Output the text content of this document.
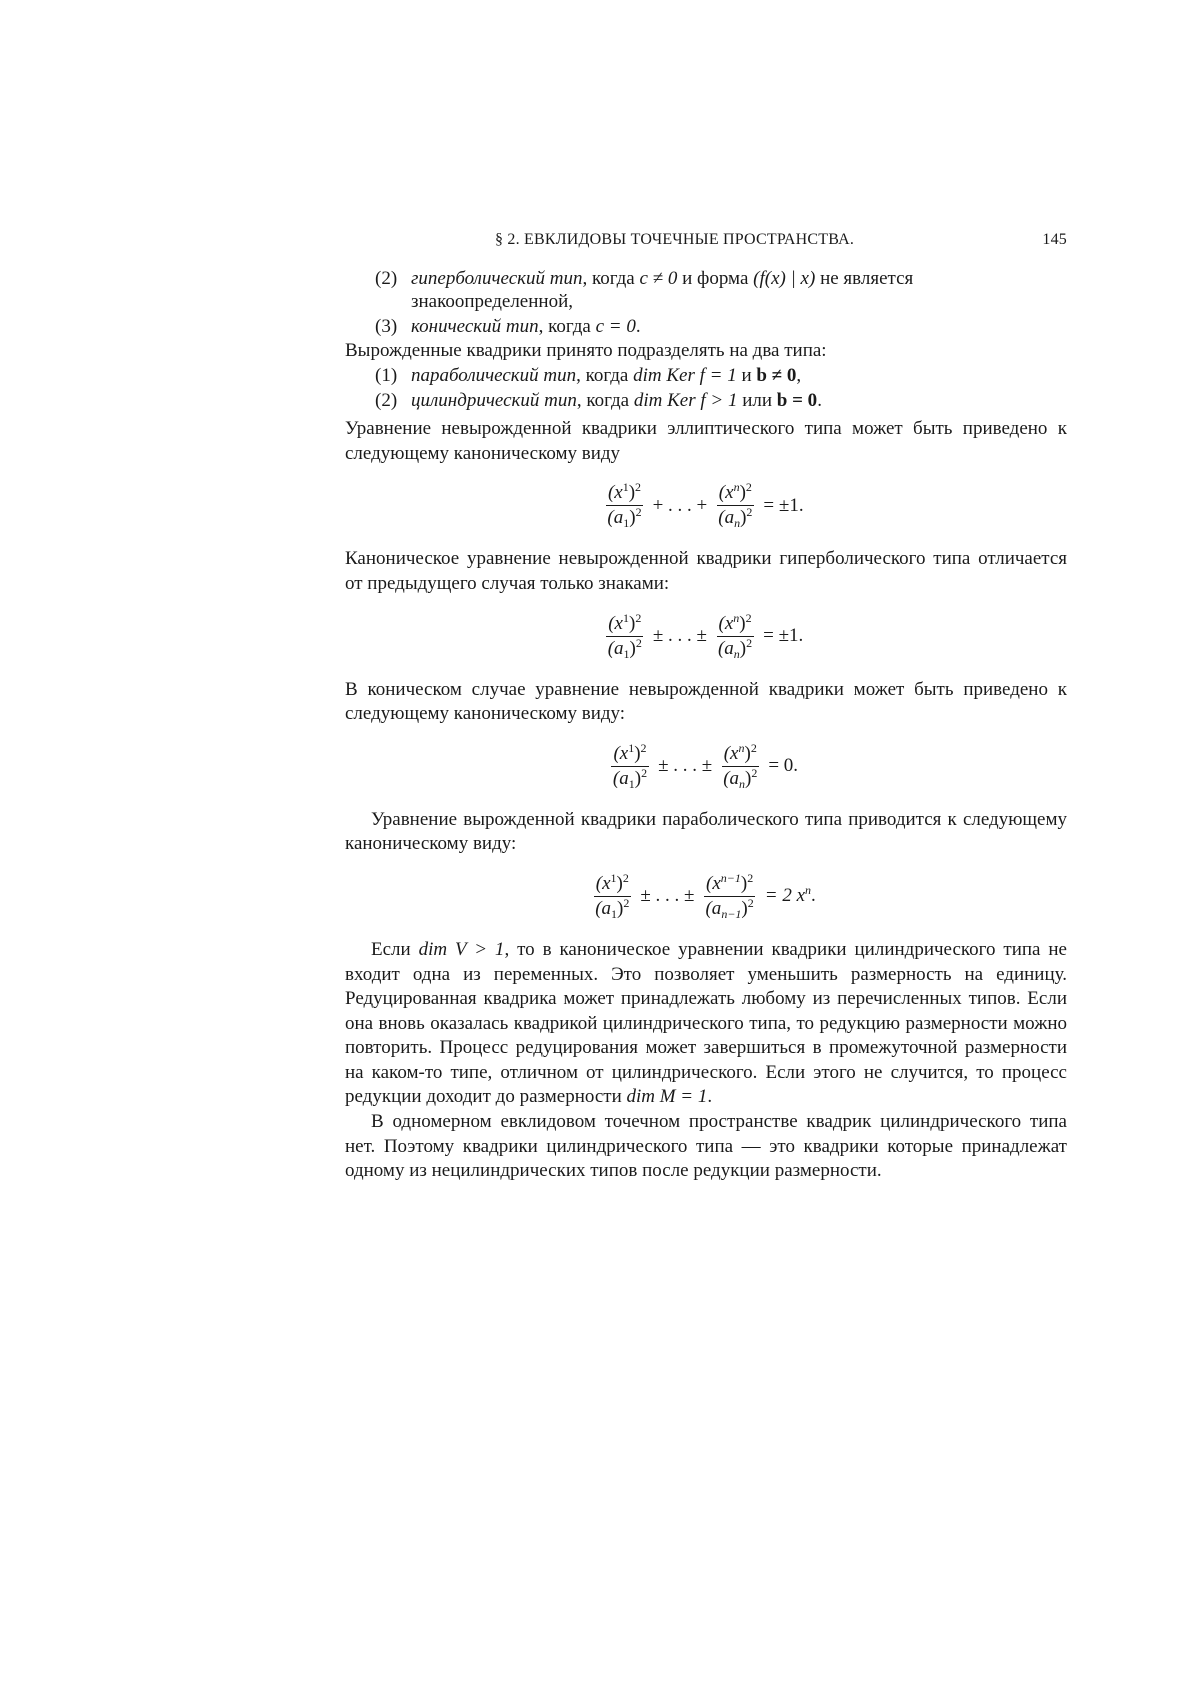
§ 2. ЕВКЛИДОВЫ ТОЧЕЧНЫЕ ПРОСТРАНСТВА.	145
(2) гиперболический тип, когда c ≠ 0 и форма (f(x) | x) не является
знакоопределенной,
(3) конический тип, когда c = 0.

Вырожденные квадрики принято подразделять на два типа:

(1) параболический тип, когда dim Ker f = 1 и b ≠ 0,
(2) цилиндрический тип, когда dim Ker f > 1 или b = 0.

Уравнение невырожденной квадрики эллиптического типа может быть приведено к следующему каноническому виду

(x1)2
(a1)2 + . . . +
(xn)2
(an)2 = ±1.

Каноническое уравнение невырожденной квадрики гиперболического типа отличается от предыдущего случая только знаками:

(x1)2
(a1)2 ± . . . ±
(xn)2
(an)2 = ±1.

В коническом случае уравнение невырожденной квадрики может быть приведено к следующему каноническому виду:

(x1)2
(a1)2 ± . . . ±
(xn)2
(an)2 = 0.

Уравнение вырожденной квадрики параболического типа приводится к следующему каноническому виду:

(x1)2
(a1)2 ± . . . ±
(xn−1)2
(an−1)2 = 2 xn.

Если dim V > 1, то в каноническое уравнении квадрики цилиндрического типа не входит одна из переменных. Это позволяет уменьшить размерность на единицу. Редуцированная квадрика может принадлежать любому из перечисленных типов. Если она вновь оказалась квадрикой цилиндрического типа, то редукцию размерности можно повторить. Процесс редуцирования может завершиться в промежуточной размерности на каком-то типе, отличном от цилиндрического. Если этого не случится, то процесс редукции доходит до размерности dim M = 1.

В одномерном евклидовом точечном пространстве квадрик цилиндрического типа нет. Поэтому квадрики цилиндрического типа — это квадрики которые принадлежат одному из нецилиндрических типов после редукции размерности.
